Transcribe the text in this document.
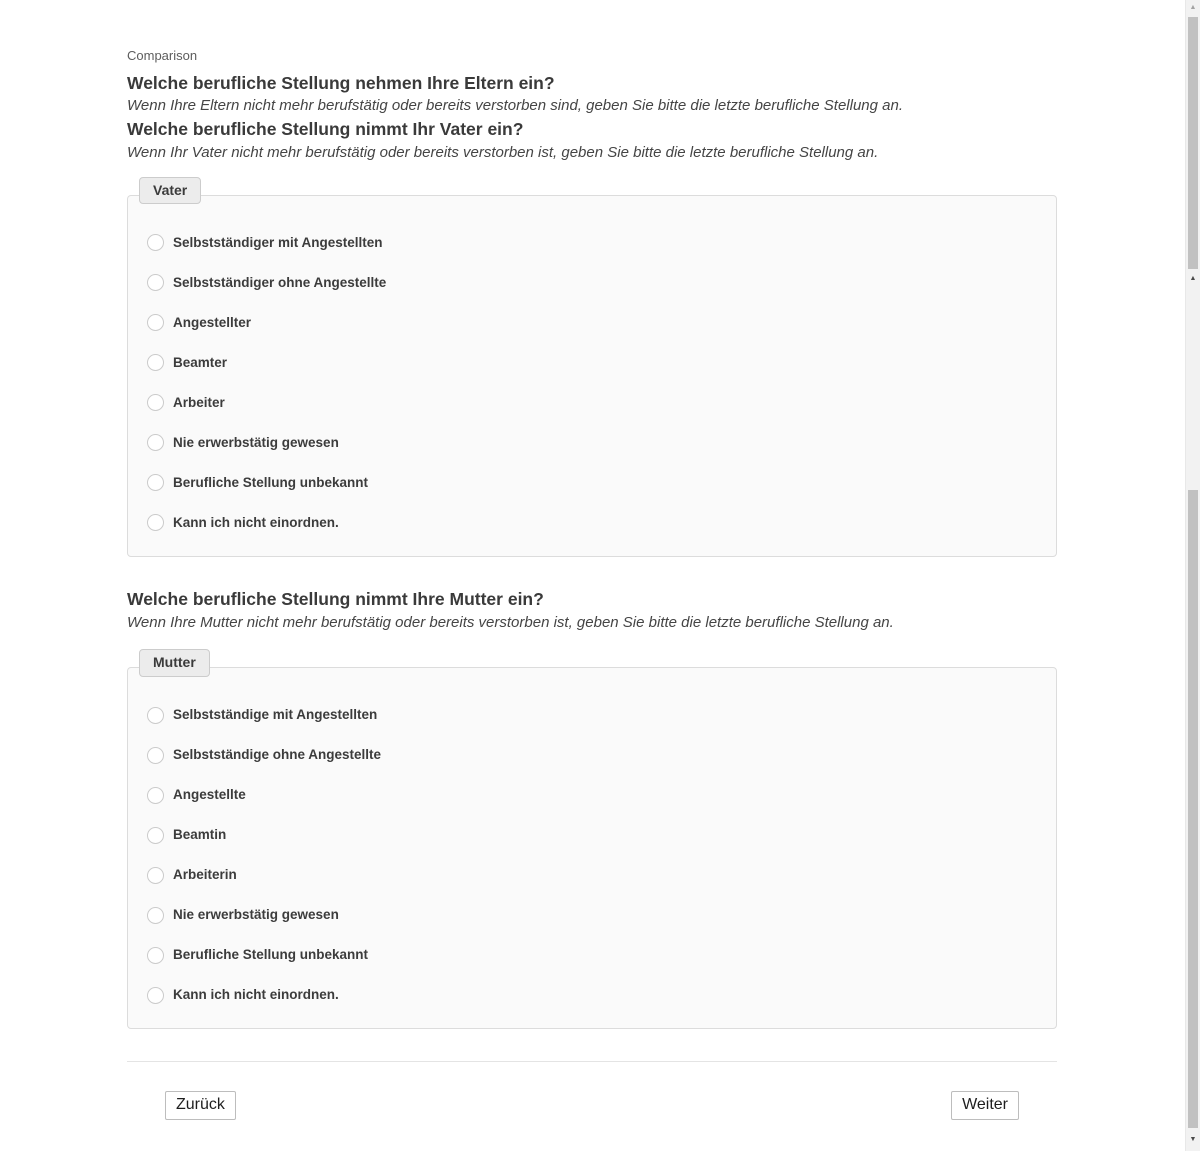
Comparison
Welche berufliche Stellung nehmen Ihre Eltern ein?
Wenn Ihre Eltern nicht mehr berufstätig oder bereits verstorben sind, geben Sie bitte die letzte berufliche Stellung an.
Welche berufliche Stellung nimmt Ihr Vater ein?
Wenn Ihr Vater nicht mehr berufstätig oder bereits verstorben ist, geben Sie bitte die letzte berufliche Stellung an.
Vater
Selbstständiger mit Angestellten
Selbstständiger ohne Angestellte
Angestellter
Beamter
Arbeiter
Nie erwerbstätig gewesen
Berufliche Stellung unbekannt
Kann ich nicht einordnen.
Welche berufliche Stellung nimmt Ihre Mutter ein?
Wenn Ihre Mutter nicht mehr berufstätig oder bereits verstorben ist, geben Sie bitte die letzte berufliche Stellung an.
Mutter
Selbstständige mit Angestellten
Selbstständige ohne Angestellte
Angestellte
Beamtin
Arbeiterin
Nie erwerbstätig gewesen
Berufliche Stellung unbekannt
Kann ich nicht einordnen.
Zurück	Weiter
▲
▲
▼
